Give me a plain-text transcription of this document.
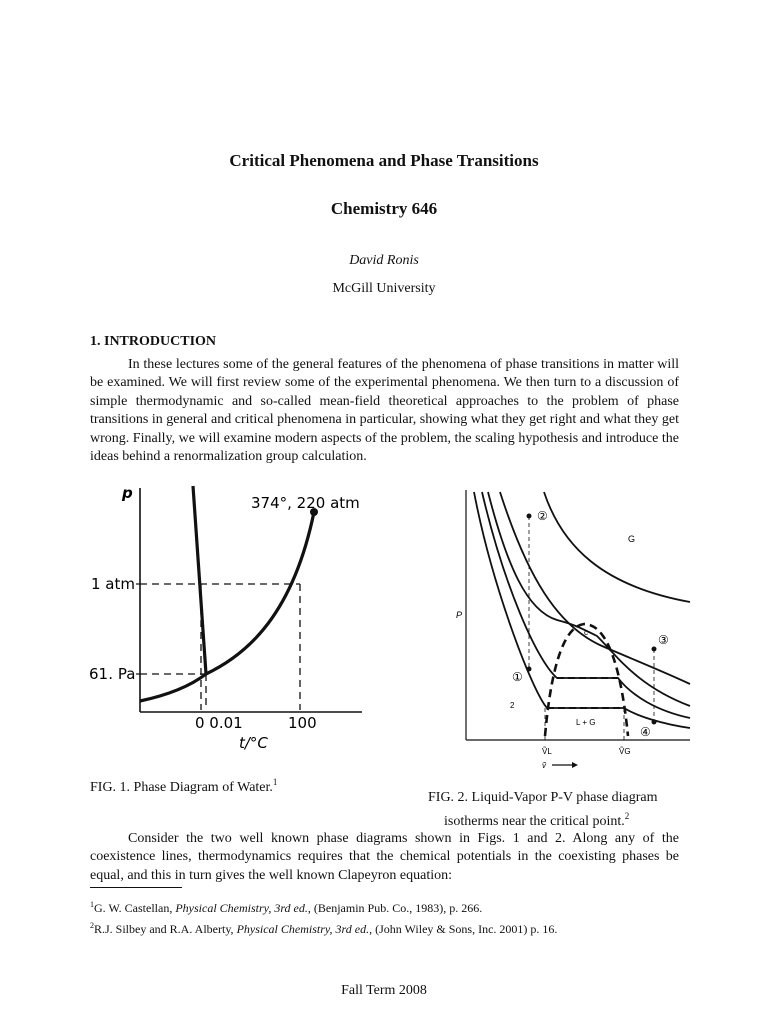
Critical Phenomena and Phase Transitions
Chemistry 646
David Ronis
McGill University
1. INTRODUCTION

In these lectures some of the general features of the phenomena of phase transitions in matter will be examined. We will first review some of the experimental phenomena. We then turn to a discussion of simple thermodynamic and so-called mean-field theoretical approaches to the problem of phase transitions in general and critical phenomena in particular, showing what they get right and what they get wrong. Finally, we will examine modern aspects of the problem, the scaling hypothesis and introduce the ideas behind a renormalization group calculation.

p
374°, 220 atm
1 atm
61․ Pa
0 0.01	100
t/°C
FIG. 1. Phase Diagram of Water.$^1$
②
G
P
c
③
①
2
L + G
④
ṼL	ṼG
ṽ
FIG. 2. Liquid-Vapor P-V phase diagram
isotherms near the critical point.$^2$

Consider the two well known phase diagrams shown in Figs. 1 and 2. Along any of the coexistence lines, thermodynamics requires that the chemical potentials in the coexisting phases be equal, and this in turn gives the well known Clapeyron equation:

$^1$G. W. Castellan, Physical Chemistry, 3rd ed., (Benjamin Pub. Co., 1983), p. 266.
$^2$R.J. Silbey and R.A. Alberty, Physical Chemistry, 3rd ed., (John Wiley & Sons, Inc. 2001) p. 16.
Fall Term 2008
